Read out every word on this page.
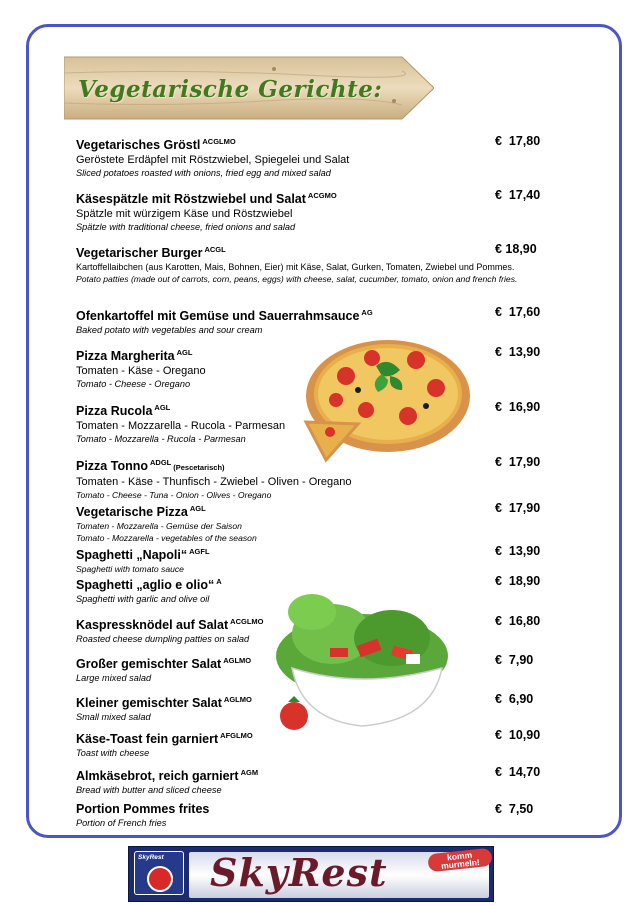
Vegetarische Gerichte:
Vegetarisches Gröstl $^{ACGLMO}$
Geröstete Erdäpfel mit Röstzwiebel, Spiegelei und Salat
Sliced potatoes roasted with onions, fried egg and mixed salad
€  17,80
Käsespätzle mit Röstzwiebel und Salat $^{ACGMO}$
Spätzle mit würzigem Käse und Röstzwiebel
Spätzle with traditional cheese, fried onions and salad
€  17,40
Vegetarischer Burger $^{ACGL}$
Kartoffellaibchen (aus Karotten, Mais, Bohnen, Eier) mit Käse, Salat, Gurken, Tomaten, Zwiebel und Pommes.
Potato patties (made out of carrots, corn, peans, eggs) with cheese, salat, cucumber, tomato, onion and french fries.
€ 18,90
Ofenkartoffel mit Gemüse und Sauerrahmsauce $^{AG}$
Baked potato with vegetables and sour cream
€  17,60
Pizza Margherita $^{AGL}$
Tomaten - Käse - Oregano
Tomato - Cheese - Oregano
€  13,90
Pizza Rucola $^{AGL}$
Tomaten - Mozzarella - Rucola - Parmesan
Tomato - Mozzarella - Rucola - Parmesan
€  16,90
Pizza Tonno $^{ADGL}$(Pescetarisch)
Tomaten - Käse - Thunfisch - Zwiebel - Oliven - Oregano
Tomato - Cheese - Tuna - Onion - Olives - Oregano
€  17,90
Vegetarische Pizza $^{AGL}$
Tomaten - Mozzarella - Gemüse der Saison
Tomato - Mozzarella - vegetables of the season
€  17,90
Spaghetti „Napoli“ $^{AGFL}$
Spaghetti with tomato sauce
€  13,90
Spaghetti „aglio e olio“ $^A$
Spaghetti with garlic and olive oil
€  18,90
Kaspressknödel auf Salat $^{ACGLMO}$
Roasted cheese dumpling patties on salad
€  16,80
Großer gemischter Salat $^{AGLMO}$
Large mixed salad
€  7,90
Kleiner gemischter Salat $^{AGLMO}$
Small mixed salad
€  6,90
Käse-Toast fein garniert $^{AFGLMO}$
Toast with cheese
€  10,90
Almkäsebrot, reich garniert $^{AGM}$
Bread with butter and sliced cheese
€  14,70
Portion Pommes frites
Portion of French fries
€  7,50
SkyRest SkyRest	komm murmeln!
